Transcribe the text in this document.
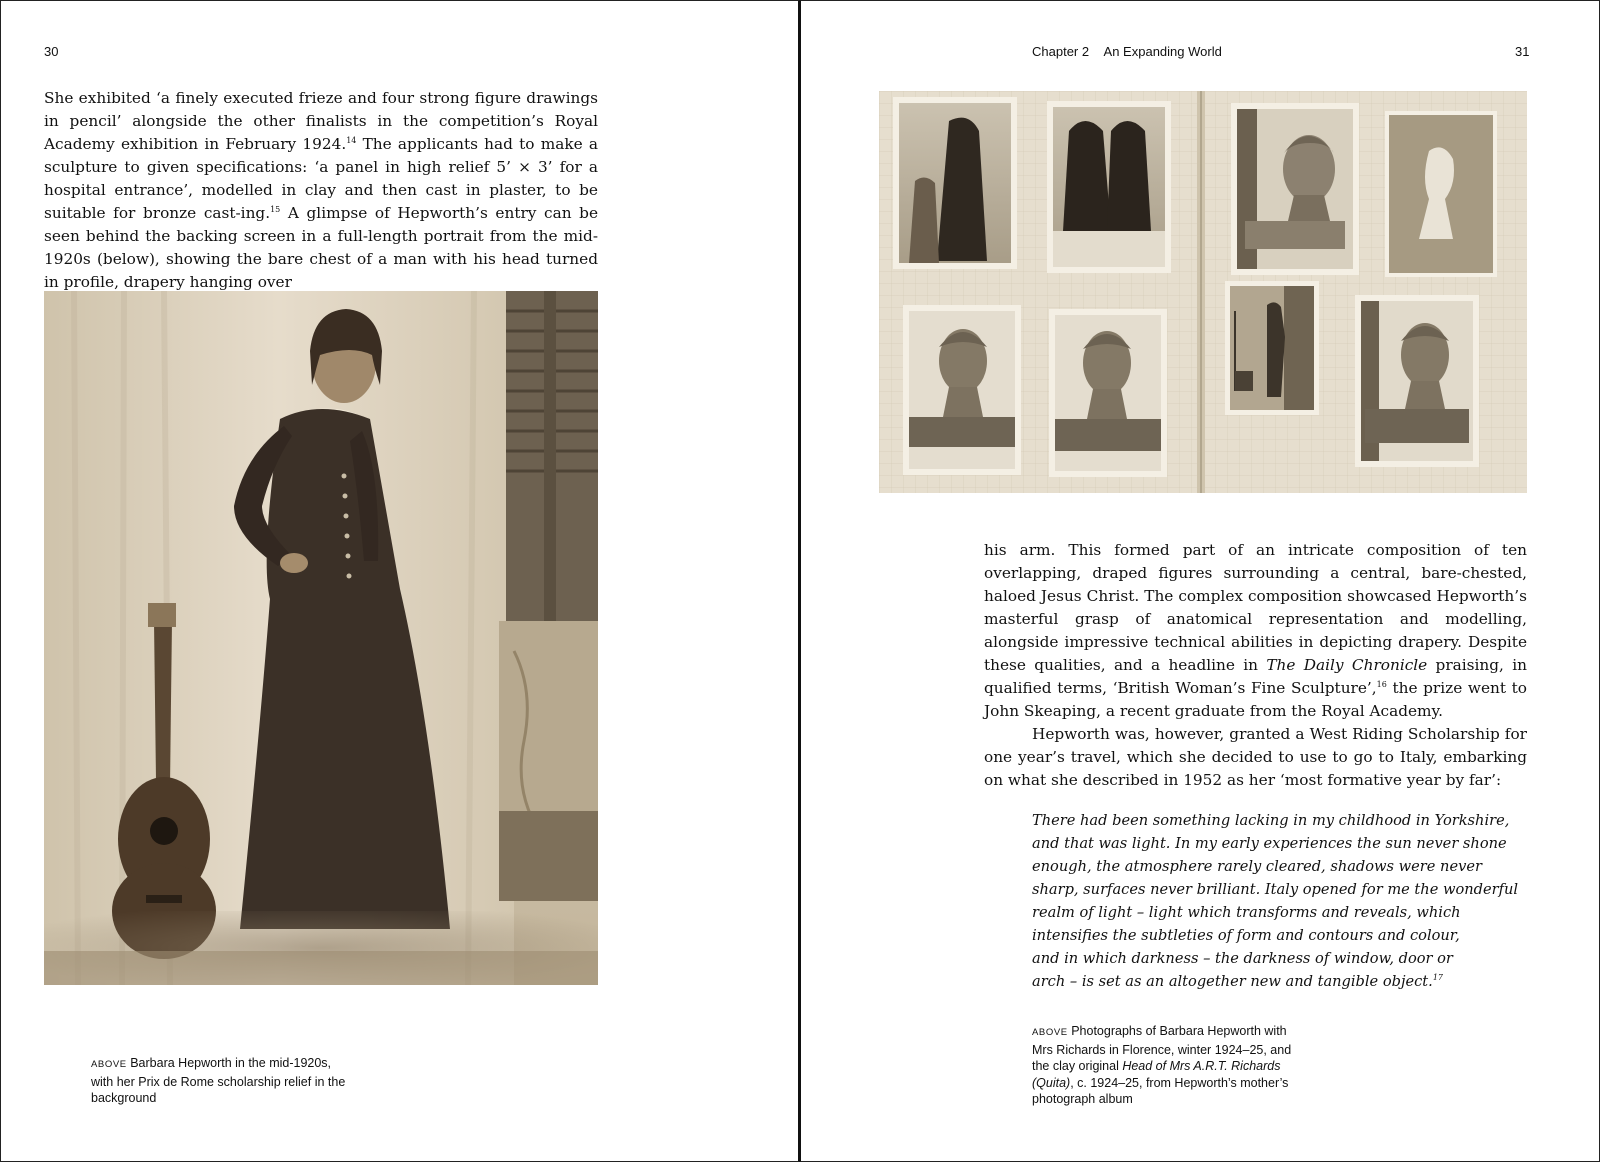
30

She exhibited ‘a finely executed frieze and four strong figure drawings in pencil’ alongside the other finalists in the competition’s Royal Academy exhibition in February 1924.14 The applicants had to make a sculpture to given specifications: ‘a panel in high relief 5’ × 3’ for a hospital entrance’, modelled in clay and then cast in plaster, to be suitable for bronze cast-ing.$^{15}$ A glimpse of Hepworth’s entry can be seen behind the backing screen in a full-length portrait from the mid-1920s (below), showing the bare chest of a man with his head turned in profile, drapery hanging over

ABOVE Barbara Hepworth in the mid-1920s, with her Prix de Rome scholarship relief in the background
Chapter 2 An Expanding World	31

his arm. This formed part of an intricate composition of ten overlapping, draped figures surrounding a central, bare-chested, haloed Jesus Christ. The complex composition showcased Hepworth’s masterful grasp of anatomical representation and modelling, alongside impressive technical abilities in depicting drapery. Despite these qualities, and a headline in The Daily Chronicle praising, in qualified terms, ‘British Woman’s Fine Sculpture’,$^{16}$ the prize went to John Skeaping, a recent graduate from the Royal Academy.

Hepworth was, however, granted a West Riding Scholarship for one year’s travel, which she decided to use to go to Italy, embarking on what she described in 1952 as her ‘most formative year by far’:

There had been something lacking in my childhood in Yorkshire,
and that was light. In my early experiences the sun never shone
enough, the atmosphere rarely cleared, shadows were never
sharp, surfaces never brilliant. Italy opened for me the wonderful
realm of light – light which transforms and reveals, which
intensifies the subtleties of form and contours and colour,
and in which darkness – the darkness of window, door or
arch – is set as an altogether new and tangible object.$^{17}$
ABOVE Photographs of Barbara Hepworth with Mrs Richards in Florence, winter 1924–25, and the clay original Head of Mrs A.R.T. Richards (Quita), c. 1924–25, from Hepworth’s mother’s photograph album
